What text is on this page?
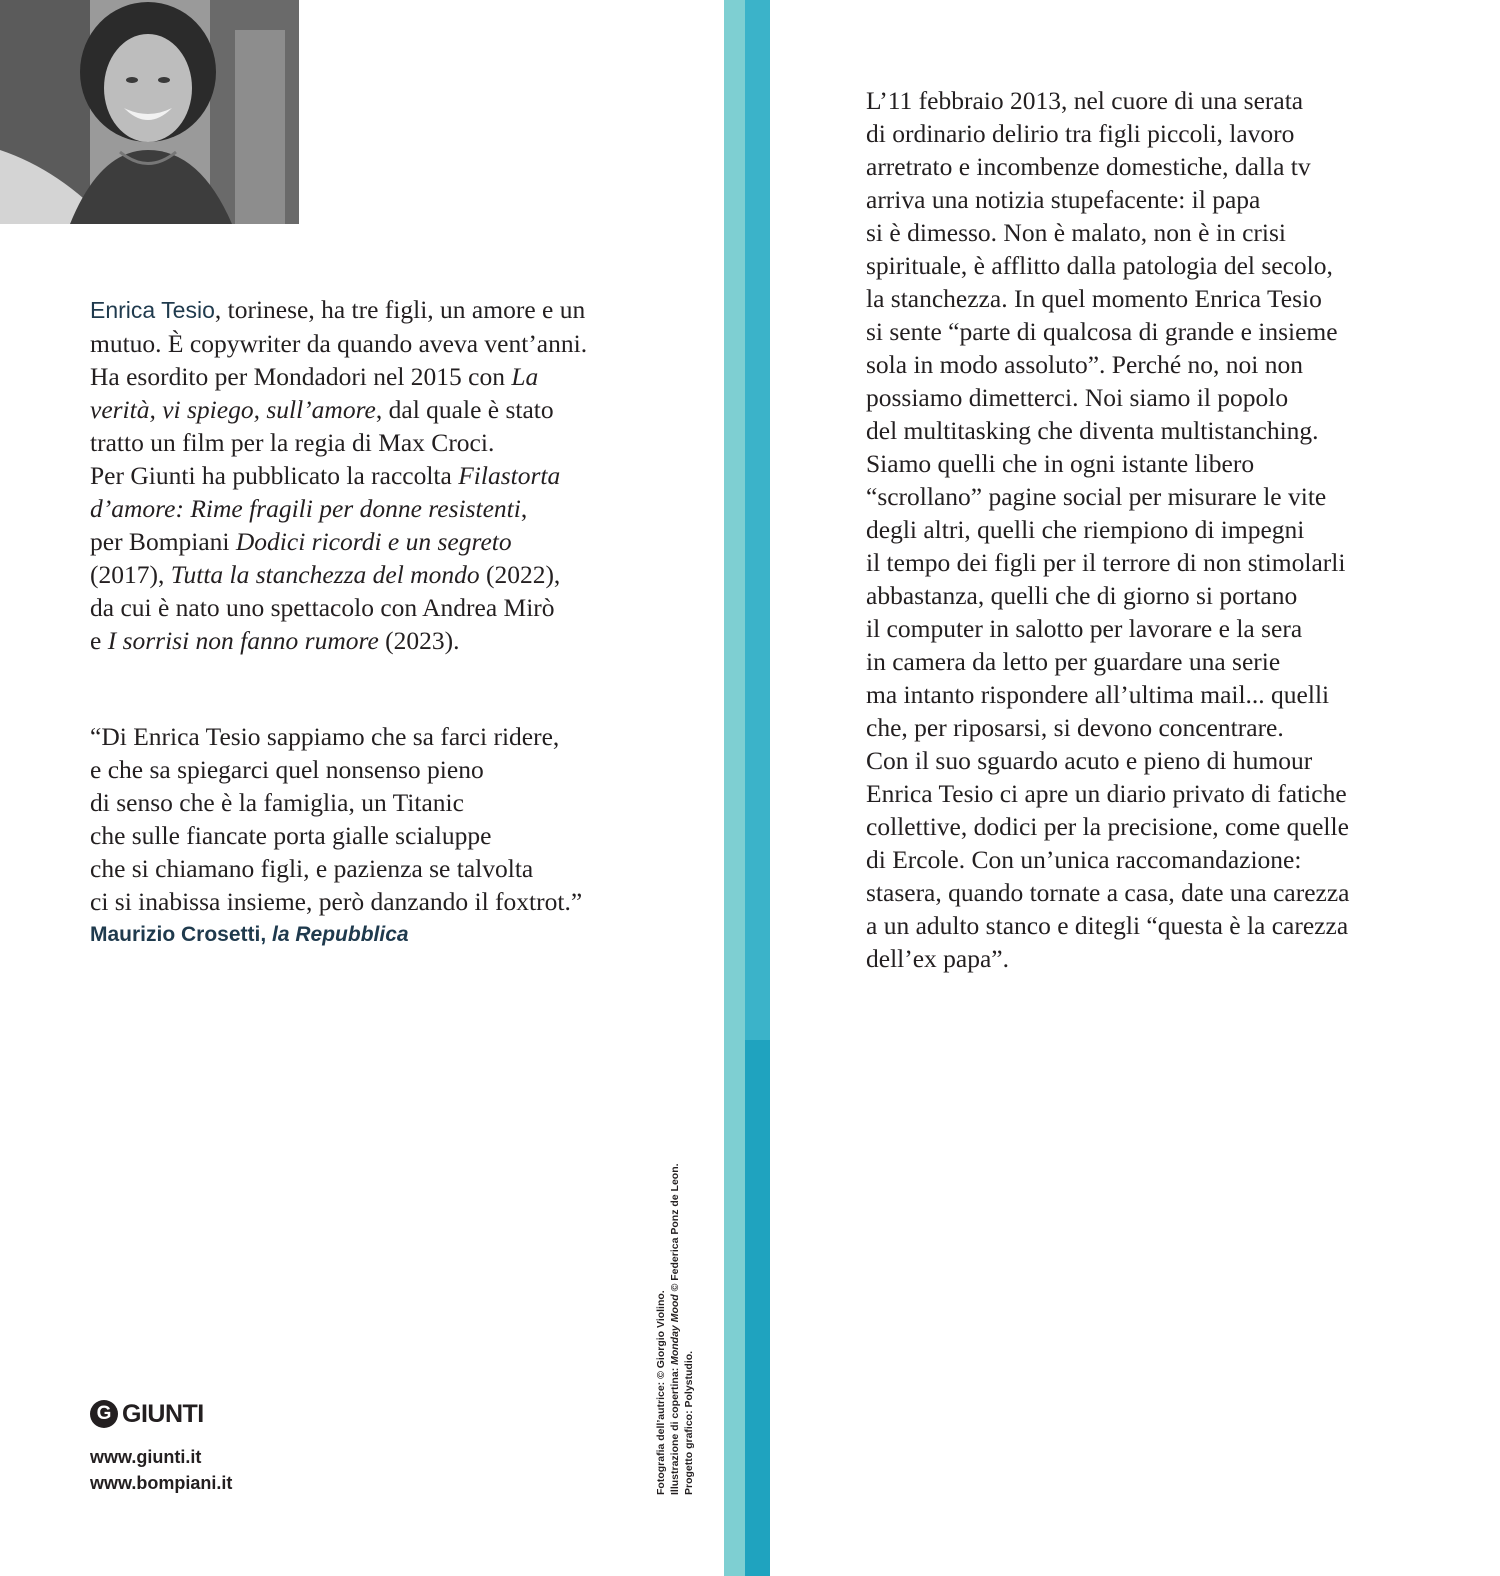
Enrica Tesio, torinese, ha tre figli, un amore e un
mutuo. È copywriter da quando aveva vent’anni.
Ha esordito per Mondadori nel 2015 con La
verità, vi spiego, sull’amore, dal quale è stato
tratto un film per la regia di Max Croci.
Per Giunti ha pubblicato la raccolta Filastorta
d’amore: Rime fragili per donne resistenti,
per Bompiani Dodici ricordi e un segreto
(2017), Tutta la stanchezza del mondo (2022),
da cui è nato uno spettacolo con Andrea Mirò
e I sorrisi non fanno rumore (2023).
“Di Enrica Tesio sappiamo che sa farci ridere,
e che sa spiegarci quel nonsenso pieno
di senso che è la famiglia, un Titanic
che sulle fiancate porta gialle scialuppe
che si chiamano figli, e pazienza se talvolta
ci si inabissa insieme, però danzando il foxtrot.”
Maurizio Crosetti, la Repubblica
Fotografia dell’autrice: © Giorgio Violino. Illustrazione di copertina: Monday Mood © Federica Ponz de Leon.
Progetto grafico: Polystudio.
L’11 febbraio 2013, nel cuore di una serata
di ordinario delirio tra figli piccoli, lavoro
arretrato e incombenze domestiche, dalla tv
arriva una notizia stupefacente: il papa
si è dimesso. Non è malato, non è in crisi
spirituale, è afflitto dalla patologia del secolo,
la stanchezza. In quel momento Enrica Tesio
si sente “parte di qualcosa di grande e insieme
sola in modo assoluto”. Perché no, noi non
possiamo dimetterci. Noi siamo il popolo
del multitasking che diventa multistanching.
Siamo quelli che in ogni istante libero
“scrollano” pagine social per misurare le vite
degli altri, quelli che riempiono di impegni
il tempo dei figli per il terrore di non stimolarli
abbastanza, quelli che di giorno si portano
il computer in salotto per lavorare e la sera
in camera da letto per guardare una serie
ma intanto rispondere all’ultima mail... quelli
che, per riposarsi, si devono concentrare.
Con il suo sguardo acuto e pieno di humour
Enrica Tesio ci apre un diario privato di fatiche
collettive, dodici per la precisione, come quelle
di Ercole. Con un’unica raccomandazione:
stasera, quando tornate a casa, date una carezza
a un adulto stanco e ditegli “questa è la carezza
dell’ex papa”.
G GIUNTI
www.giunti.it
www.bompiani.it
